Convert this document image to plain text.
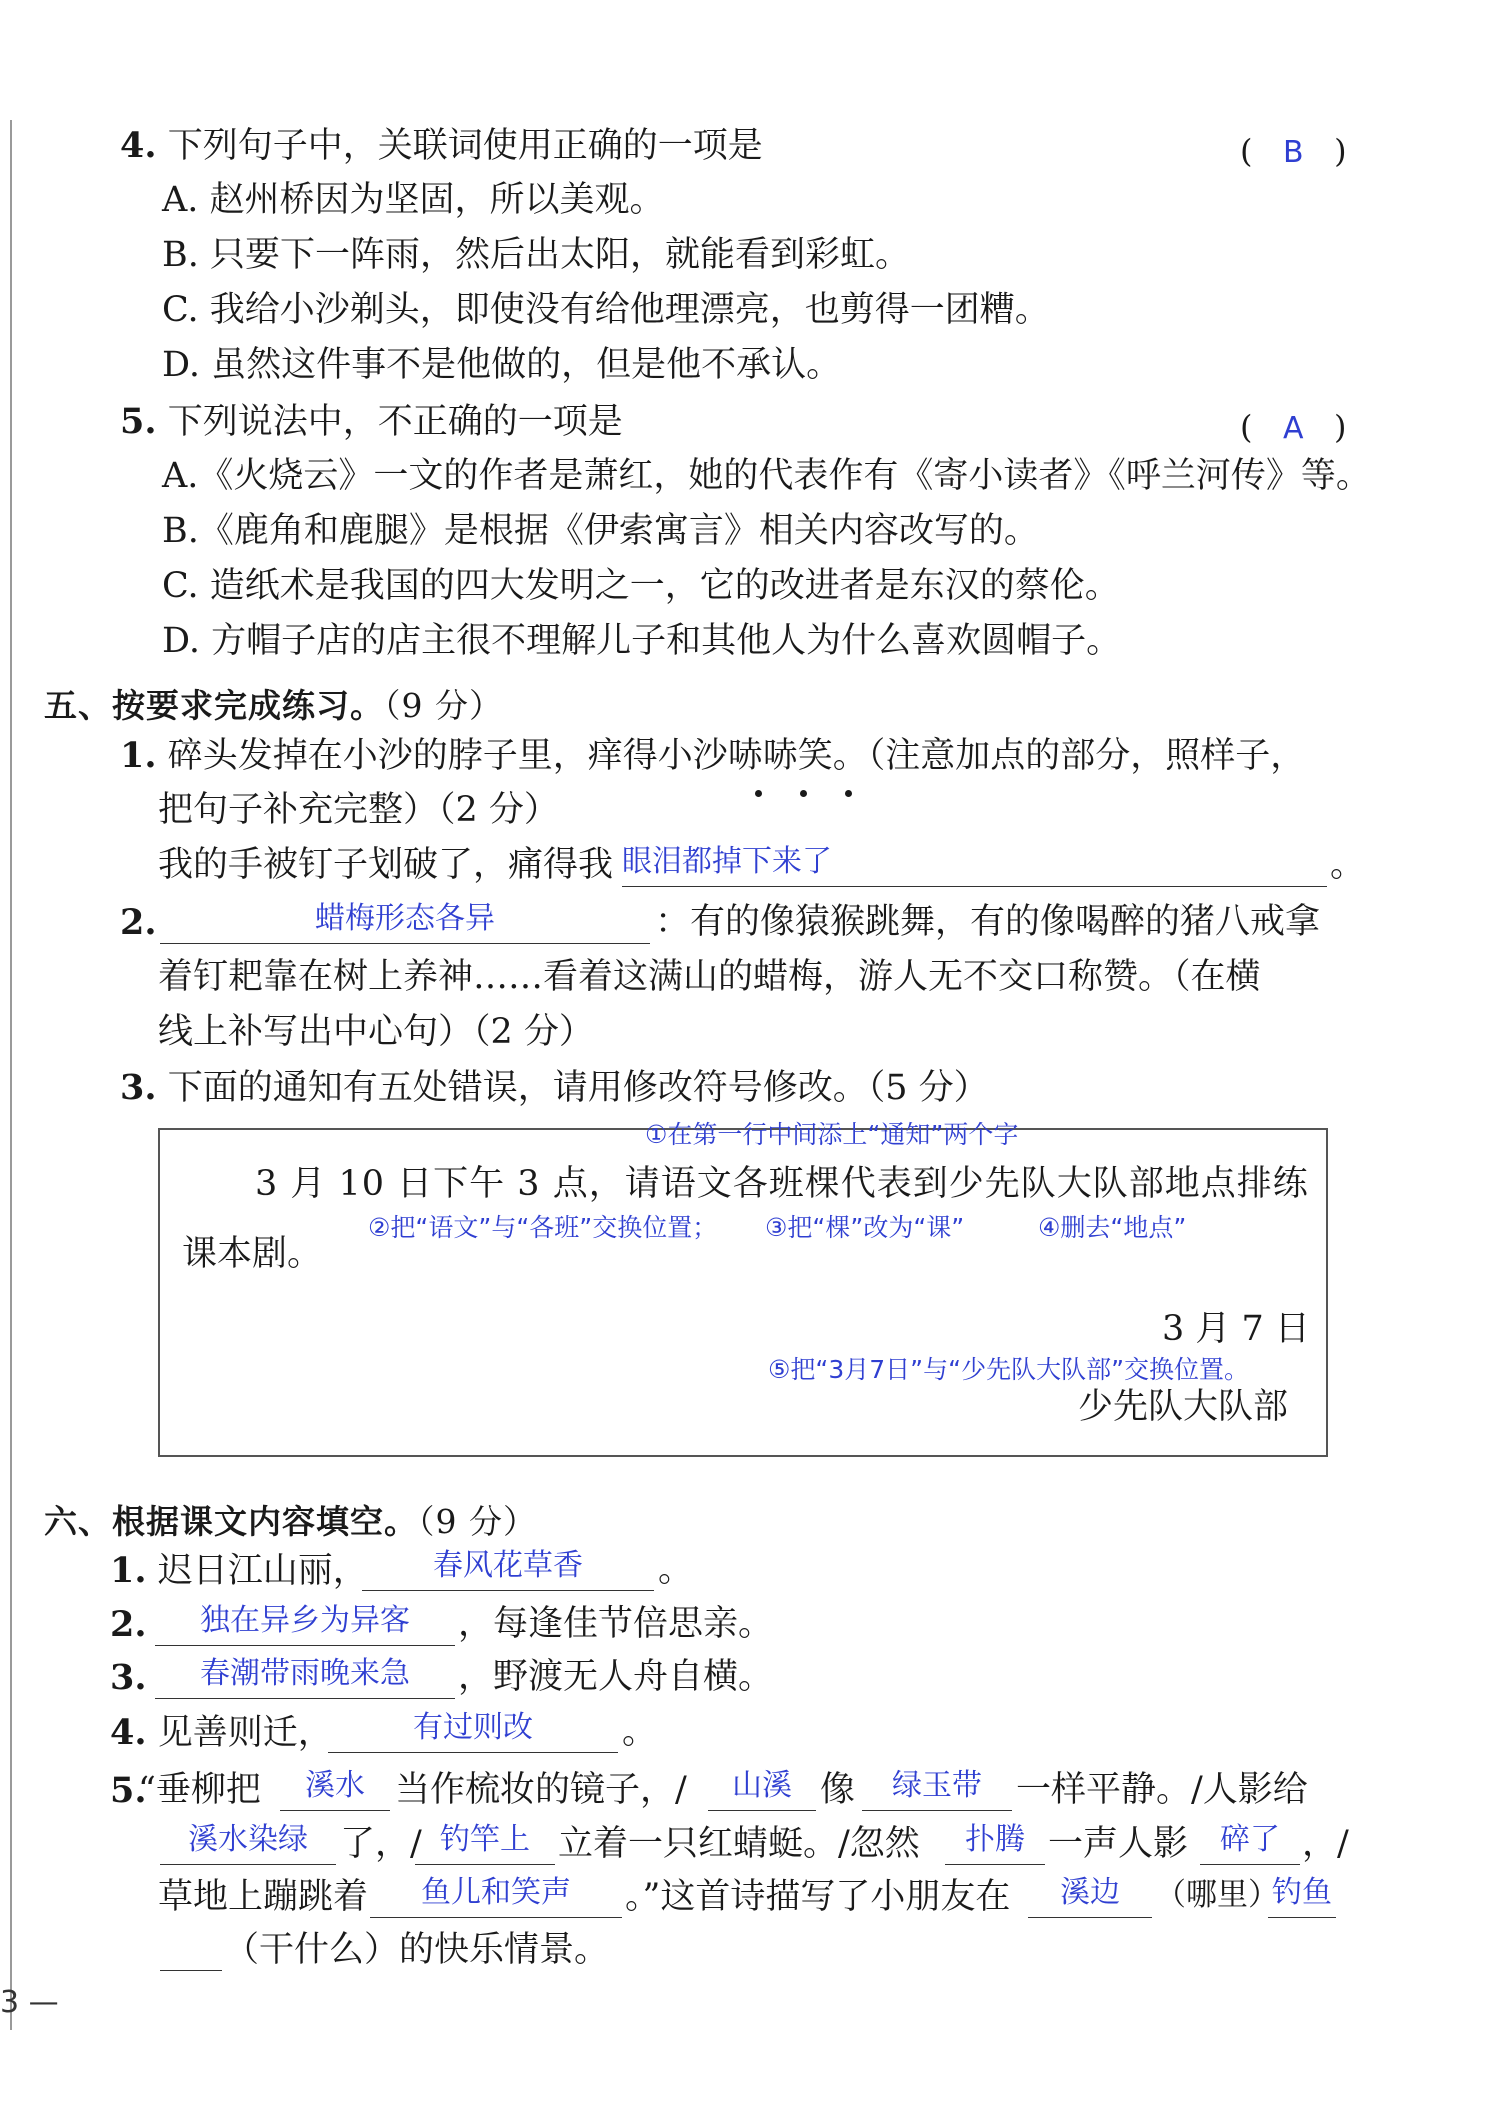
4. 下列句子中，关联词使用正确的一项是	(   B   )
A. 赵州桥因为坚固，所以美观。
B. 只要下一阵雨，然后出太阳，就能看到彩虹。
C. 我给小沙剃头，即使没有给他理漂亮，也剪得一团糟。
D. 虽然这件事不是他做的，但是他不承认。
5. 下列说法中，不正确的一项是	(   A   )
A.《火烧云》一文的作者是萧红，她的代表作有《寄小读者》《呼兰河传》等。
B.《鹿角和鹿腿》是根据《伊索寓言》相关内容改写的。
C. 造纸术是我国的四大发明之一，它的改进者是东汉的蔡伦。
D. 方帽子店的店主很不理解儿子和其他人为什么喜欢圆帽子。
五、按要求完成练习。（9 分）
1. 碎头发掉在小沙的脖子里，痒得小沙哧哧笑。（注意加点的部分，照样子，
把句子补充完整）（2 分）
我的手被钉子划破了，痛得我 眼泪都掉下来了	。
2.	蜡梅形态各异	：有的像猿猴跳舞，有的像喝醉的猪八戒拿
着钉耙靠在树上养神……看着这满山的蜡梅，游人无不交口称赞。（在横
线上补写出中心句）（2 分）
3. 下面的通知有五处错误，请用修改符号修改。（5 分）
①在第一行中间添上“通知”两个字
3 月 10 日下午 3 点，请语文各班棵代表到少先队大队部地点排练
②把“语文”与“各班”交换位置； ③把“棵”改为“课”	④删去“地点”
课本剧。
3 月 7 日
⑤把“3月7日”与“少先队大队部”交换位置。
少先队大队部
六、根据课文内容填空。（9 分）
1. 迟日江山丽，	春风花草香	。
2.	独在异乡为异客	，每逢佳节倍思亲。
3.	春潮带雨晚来急	，野渡无人舟自横。
4. 见善则迁，	有过则改	。
5.
“垂柳把	溪水 当作梳妆的镜子，/	山溪 像	绿玉带 一样平静。/人影给
溪水染绿 了，/ 钓竿上 立着一只红蜻蜓。/忽然	扑腾 一声人影	碎了 ，/
草地上蹦跳着	鱼儿和笑声	。”这首诗描写了小朋友在	溪边	（哪里）
钓鱼
（干什么）的快乐情景。
3 —
